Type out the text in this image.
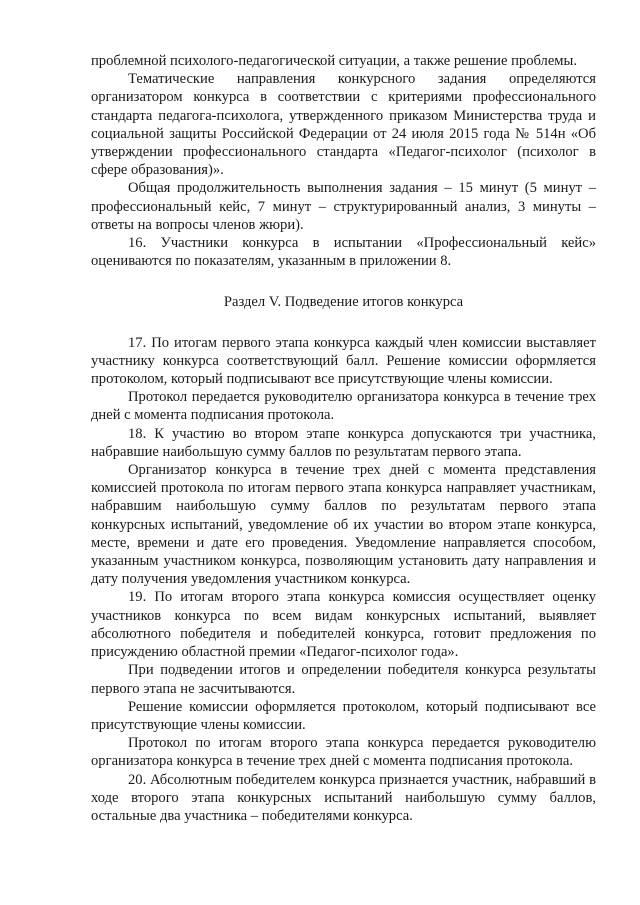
проблемной психолого-педагогической ситуации, а также решение проблемы.

Тематические направления конкурсного задания определяются организатором конкурса в соответствии с критериями профессионального стандарта педагога-психолога, утвержденного приказом Министерства труда и социальной защиты Российской Федерации от 24 июля 2015 года № 514н «Об утверждении профессионального стандарта «Педагог-психолог (психолог в сфере образования)».

Общая продолжительность выполнения задания – 15 минут (5 минут – профессиональный кейс, 7 минут – структурированный анализ, 3 минуты – ответы на вопросы членов жюри).

16. Участники конкурса в испытании «Профессиональный кейс» оцениваются по показателям, указанным в приложении 8.

Раздел V. Подведение итогов конкурса

17. По итогам первого этапа конкурса каждый член комиссии выставляет участнику конкурса соответствующий балл. Решение комиссии оформляется протоколом, который подписывают все присутствующие члены комиссии.

Протокол передается руководителю организатора конкурса в течение трех дней с момента подписания протокола.

18. К участию во втором этапе конкурса допускаются три участника, набравшие наибольшую сумму баллов по результатам первого этапа.

Организатор конкурса в течение трех дней с момента представления комиссией протокола по итогам первого этапа конкурса направляет участникам, набравшим наибольшую сумму баллов по результатам первого этапа конкурсных испытаний, уведомление об их участии во втором этапе конкурса, месте, времени и дате его проведения. Уведомление направляется способом, указанным участником конкурса, позволяющим установить дату направления и дату получения уведомления участником конкурса.

19. По итогам второго этапа конкурса комиссия осуществляет оценку участников конкурса по всем видам конкурсных испытаний, выявляет абсолютного победителя и победителей конкурса, готовит предложения по присуждению областной премии «Педагог-психолог года».

При подведении итогов и определении победителя конкурса результаты первого этапа не засчитываются.

Решение комиссии оформляется протоколом, который подписывают все присутствующие члены комиссии.

Протокол по итогам второго этапа конкурса передается руководителю организатора конкурса в течение трех дней с момента подписания протокола.

20. Абсолютным победителем конкурса признается участник, набравший в ходе второго этапа конкурсных испытаний наибольшую сумму баллов, остальные два участника – победителями конкурса.
